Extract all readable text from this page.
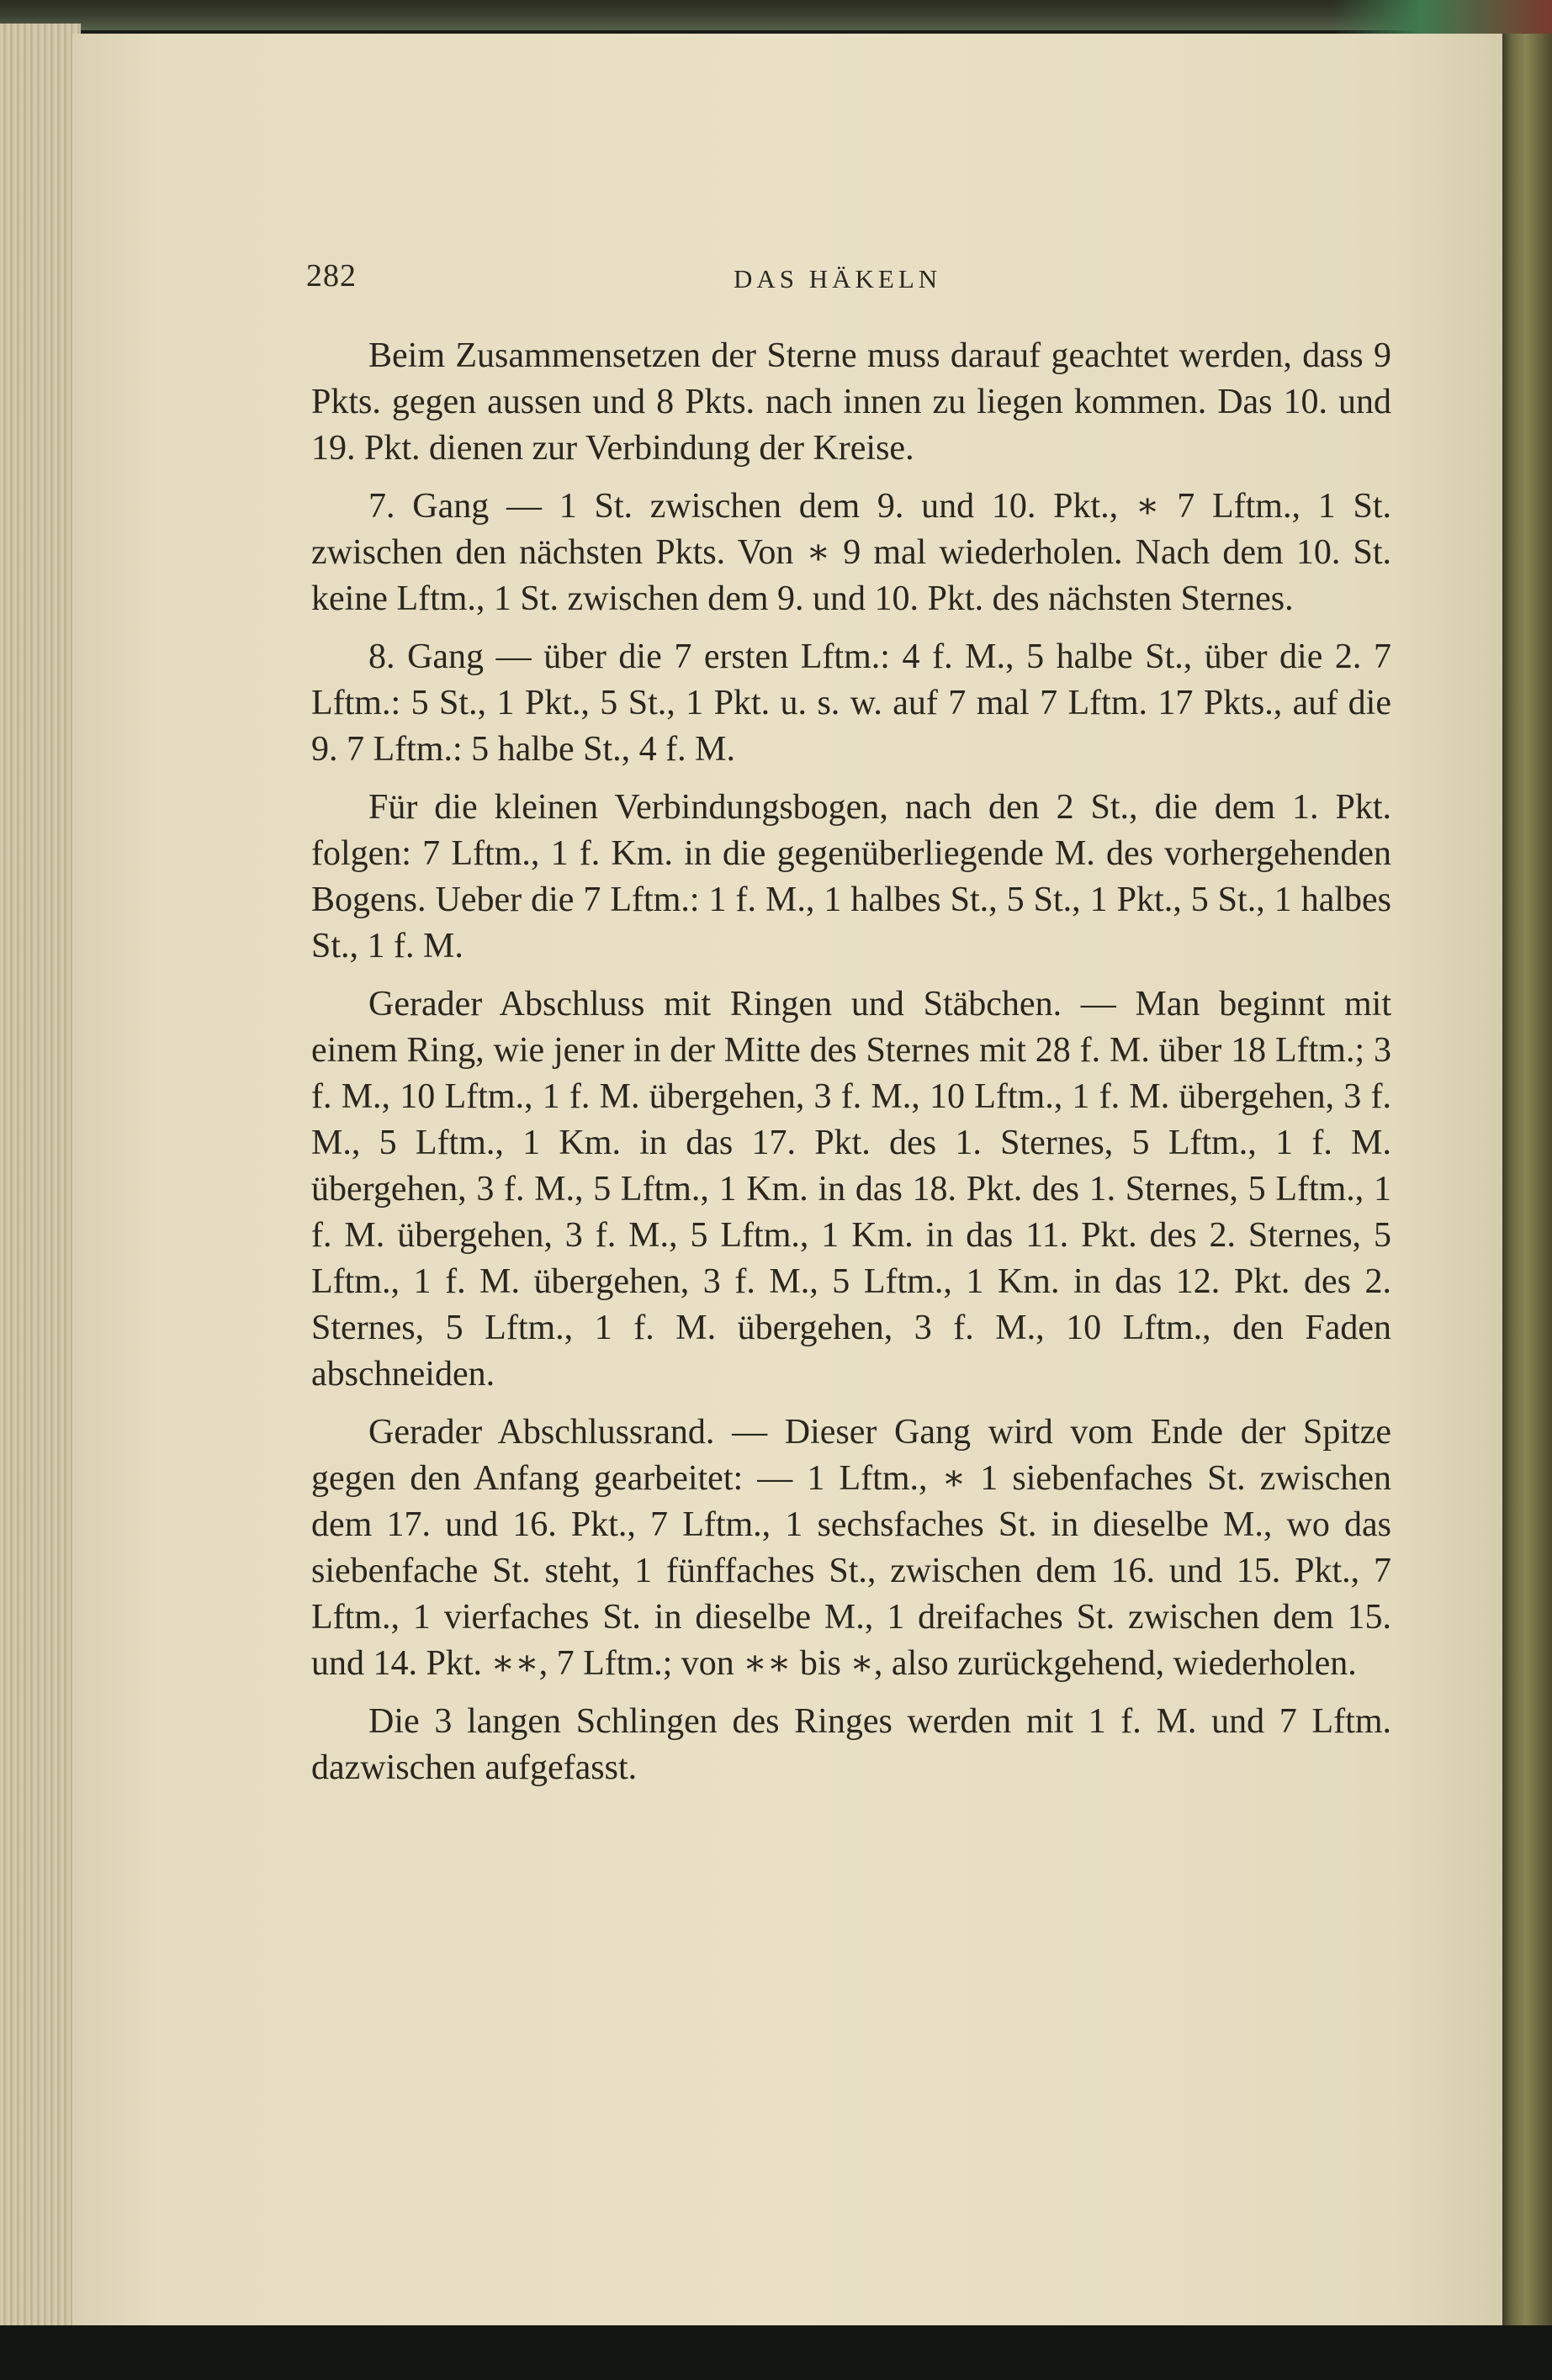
282	DAS HÄKELN

Beim Zusammensetzen der Sterne muss darauf geachtet werden, dass 9 Pkts. gegen aussen und 8 Pkts. nach innen zu liegen kommen. Das 10. und 19. Pkt. dienen zur Verbindung der Kreise.

7. Gang — 1 St. zwischen dem 9. und 10. Pkt., ∗ 7 Lftm., 1 St. zwischen den nächsten Pkts. Von ∗ 9 mal wiederholen. Nach dem 10. St. keine Lftm., 1 St. zwischen dem 9. und 10. Pkt. des nächsten Sternes.

8. Gang — über die 7 ersten Lftm.: 4 f. M., 5 halbe St., über die 2. 7 Lftm.: 5 St., 1 Pkt., 5 St., 1 Pkt. u. s. w. auf 7 mal 7 Lftm. 17 Pkts., auf die 9. 7 Lftm.: 5 halbe St., 4 f. M.

Für die kleinen Verbindungsbogen, nach den 2 St., die dem 1. Pkt. folgen: 7 Lftm., 1 f. Km. in die gegenüberliegende M. des vorhergehenden Bogens. Ueber die 7 Lftm.: 1 f. M., 1 halbes St., 5 St., 1 Pkt., 5 St., 1 halbes St., 1 f. M.

Gerader Abschluss mit Ringen und Stäbchen. — Man beginnt mit einem Ring, wie jener in der Mitte des Sternes mit 28 f. M. über 18 Lftm.; 3 f. M., 10 Lftm., 1 f. M. übergehen, 3 f. M., 10 Lftm., 1 f. M. übergehen, 3 f. M., 5 Lftm., 1 Km. in das 17. Pkt. des 1. Sternes, 5 Lftm., 1 f. M. übergehen, 3 f. M., 5 Lftm., 1 Km. in das 18. Pkt. des 1. Sternes, 5 Lftm., 1 f. M. übergehen, 3 f. M., 5 Lftm., 1 Km. in das 11. Pkt. des 2. Sternes, 5 Lftm., 1 f. M. übergehen, 3 f. M., 5 Lftm., 1 Km. in das 12. Pkt. des 2. Sternes, 5 Lftm., 1 f. M. übergehen, 3 f. M., 10 Lftm., den Faden abschneiden.

Gerader Abschlussrand. — Dieser Gang wird vom Ende der Spitze gegen den Anfang gearbeitet: — 1 Lftm., ∗ 1 siebenfaches St. zwischen dem 17. und 16. Pkt., 7 Lftm., 1 sechsfaches St. in dieselbe M., wo das siebenfache St. steht, 1 fünffaches St., zwischen dem 16. und 15. Pkt., 7 Lftm., 1 vierfaches St. in dieselbe M., 1 dreifaches St. zwischen dem 15. und 14. Pkt. ∗∗, 7 Lftm.; von ∗∗ bis ∗, also zurückgehend, wiederholen.

Die 3 langen Schlingen des Ringes werden mit 1 f. M. und 7 Lftm. dazwischen aufgefasst.
